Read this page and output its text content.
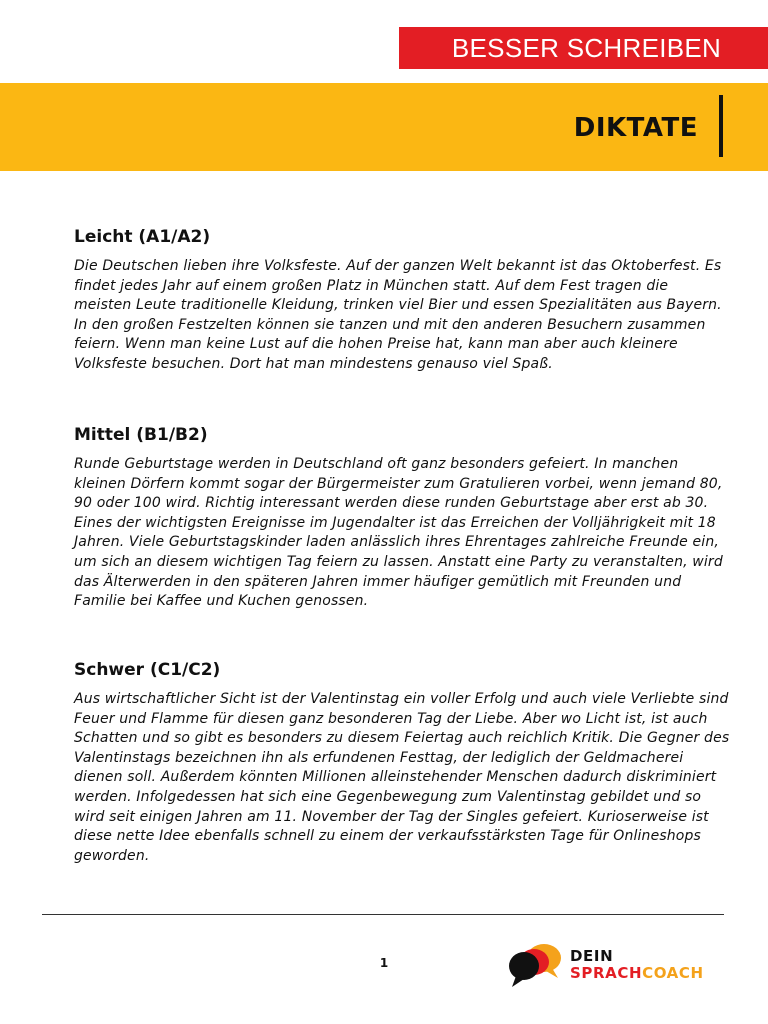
BESSER SCHREIBEN
DIKTATE
Leicht (A1/A2)

Die Deutschen lieben ihre Volksfeste. Auf der ganzen Welt bekannt ist das Oktoberfest. Es findet jedes Jahr auf einem großen Platz in München statt. Auf dem Fest tragen die meisten Leute traditionelle Kleidung, trinken viel Bier und essen Spezialitäten aus Bayern. In den großen Festzelten können sie tanzen und mit den anderen Besuchern zusammen feiern. Wenn man keine Lust auf die hohen Preise hat, kann man aber auch kleinere Volksfeste besuchen. Dort hat man mindestens genauso viel Spaß.

Mittel (B1/B2)

Runde Geburtstage werden in Deutschland oft ganz besonders gefeiert. In manchen kleinen Dörfern kommt sogar der Bürgermeister zum Gratulieren vorbei, wenn jemand 80, 90 oder 100 wird. Richtig interessant werden diese runden Geburtstage aber erst ab 30. Eines der wichtigsten Ereignisse im Jugendalter ist das Erreichen der Volljährigkeit mit 18 Jahren. Viele Geburtstagskinder laden anlässlich ihres Ehrentages zahlreiche Freunde ein, um sich an diesem wichtigen Tag feiern zu lassen. Anstatt eine Party zu veranstalten, wird das Älterwerden in den späteren Jahren immer häufiger gemütlich mit Freunden und Familie bei Kaffee und Kuchen genossen.

Schwer (C1/C2)

Aus wirtschaftlicher Sicht ist der Valentinstag ein voller Erfolg und auch viele Verliebte sind Feuer und Flamme für diesen ganz besonderen Tag der Liebe. Aber wo Licht ist, ist auch Schatten und so gibt es besonders zu diesem Feiertag auch reichlich Kritik. Die Gegner des Valentinstags bezeichnen ihn als erfundenen Festtag, der lediglich der Geldmacherei dienen soll. Außerdem könnten Millionen alleinstehender Menschen dadurch diskriminiert werden. Infolgedessen hat sich eine Gegenbewegung zum Valentinstag gebildet und so wird seit einigen Jahren am 11. November der Tag der Singles gefeiert. Kurioserweise ist diese nette Idee ebenfalls schnell zu einem der verkaufsstärksten Tage für Onlineshops geworden.

1	DEIN
SPRACHCOACH
